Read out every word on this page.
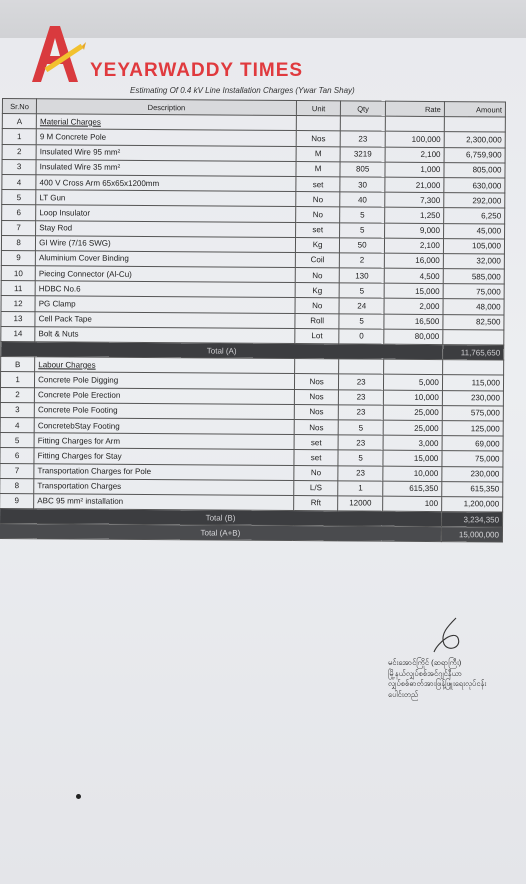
YEYARWADDY TIMES
Estimating Of 0.4 kV Line Installation Charges (Ywar Tan Shay)
Sr.No	Description	Unit	Qty	Rate	Amount
A	Material Charges				
1	9 M Concrete Pole	Nos	23	100,000	2,300,000
2	Insulated Wire 95 mm²	M	3219	2,100	6,759,900
3	Insulated Wire 35 mm²	M	805	1,000	805,000
4	400 V Cross Arm 65x65x1200mm	set	30	21,000	630,000
5	LT Gun	No	40	7,300	292,000
6	Loop Insulator	No	5	1,250	6,250
7	Stay Rod	set	5	9,000	45,000
8	GI Wire (7/16 SWG)	Kg	50	2,100	105,000
9	Aluminium Cover Binding	Coil	2	16,000	32,000
10	Piecing Connector (Al-Cu)	No	130	4,500	585,000
11	HDBC No.6	Kg	5	15,000	75,000
12	PG Clamp	No	24	2,000	48,000
13	Cell Pack Tape	Roll	5	16,500	82,500
14	Bolt & Nuts	Lot	0	80,000	
Total (A)					11,765,650
B	Labour Charges				
1	Concrete Pole Digging	Nos	23	5,000	115,000
2	Concrete Pole Erection	Nos	23	10,000	230,000
3	Concrete Pole Footing	Nos	23	25,000	575,000
4	ConcretebStay Footing	Nos	5	25,000	125,000
5	Fitting Charges for Arm	set	23	3,000	69,000
6	Fitting Charges for Stay	set	5	15,000	75,000
7	Transportation Charges for Pole	No	23	10,000	230,000
8	Transportation Charges	L/S	1	615,350	615,350
9	ABC 95 mm² installation	Rft	12000	100	1,200,000
Total (B)					3,234,350
Total (A+B)					15,000,000
မင်းအောင်ကြိုင် (ဆရာကြီး)
မြို့နယ်လျှပ်စစ်အင်ဂျင်နီယာ
လျှပ်စစ်ဓာတ်အားဖြန့်ဖြူးရေးလုပ်ငန်း
ပေါင်းတည်
